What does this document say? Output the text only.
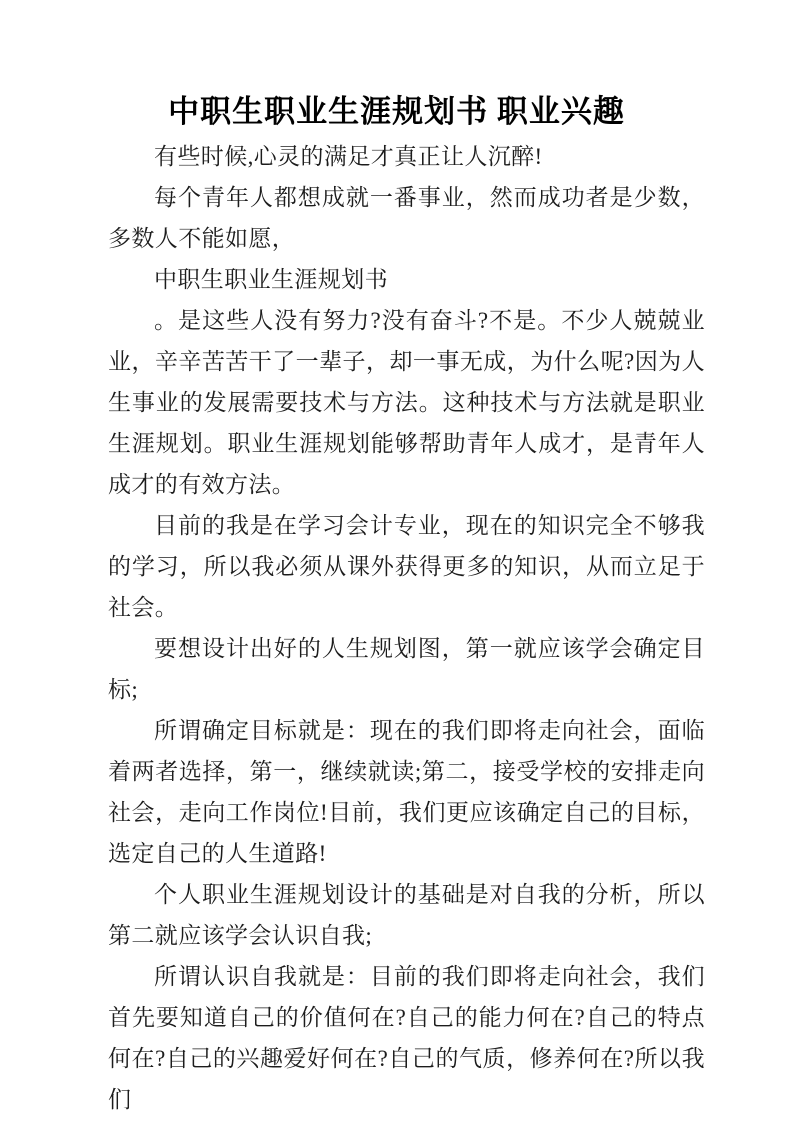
中职生职业生涯规划书 职业兴趣

有些时候,心灵的满足才真正让人沉醉!

每个青年人都想成就一番事业，然而成功者是少数，多数人不能如愿，

中职生职业生涯规划书

。是这些人没有努力?没有奋斗?不是。不少人兢兢业业，辛辛苦苦干了一辈子，却一事无成，为什么呢?因为人生事业的发展需要技术与方法。这种技术与方法就是职业生涯规划。职业生涯规划能够帮助青年人成才，是青年人成才的有效方法。

目前的我是在学习会计专业，现在的知识完全不够我的学习，所以我必须从课外获得更多的知识，从而立足于社会。

要想设计出好的人生规划图，第一就应该学会确定目标;

所谓确定目标就是：现在的我们即将走向社会，面临着两者选择，第一，继续就读;第二，接受学校的安排走向社会，走向工作岗位!目前，我们更应该确定自己的目标，选定自己的人生道路!

个人职业生涯规划设计的基础是对自我的分析，所以第二就应该学会认识自我;

所谓认识自我就是：目前的我们即将走向社会，我们首先要知道自己的价值何在?自己的能力何在?自己的特点何在?自己的兴趣爱好何在?自己的气质，修养何在?所以我们
